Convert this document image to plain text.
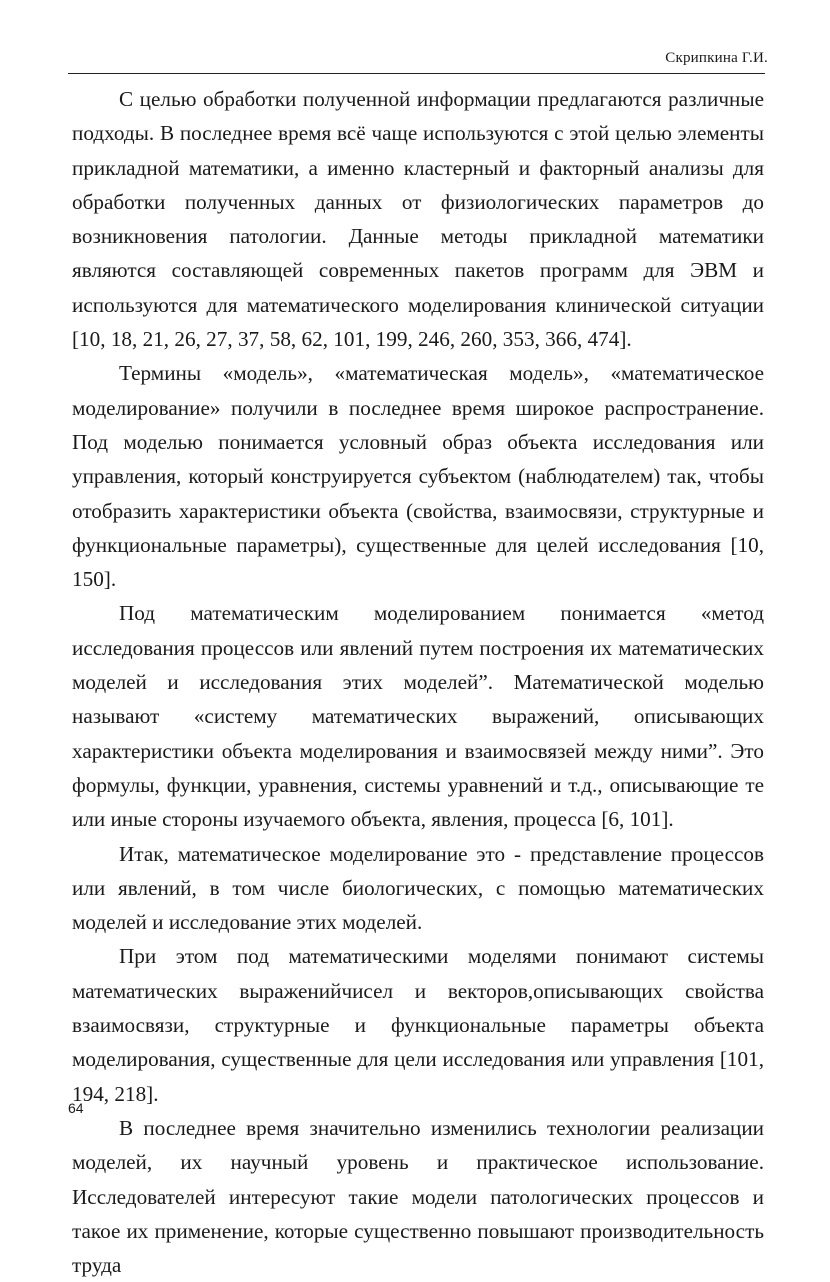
Скрипкина Г.И.

С целью обработки полученной информации предлагаются различные подходы. В последнее время всё чаще используются с этой целью элементы прикладной математики, а именно кластерный и факторный анализы для обработки полученных данных от физиологических параметров до возникновения патологии. Данные методы прикладной математики являются составляющей современных пакетов программ для ЭВМ и используются для математического моделирования клинической ситуации [10, 18, 21, 26, 27, 37, 58, 62, 101, 199, 246, 260, 353, 366, 474].

Термины «модель», «математическая модель», «математическое моделирование» получили в последнее время широкое распространение. Под моделью понимается условный образ объекта исследования или управления, который конструируется субъектом (наблюдателем) так, чтобы отобразить характеристики объекта (свойства, взаимосвязи, структурные и функциональные параметры), существенные для целей исследования [10, 150].

Под математическим моделированием понимается «метод исследования процессов или явлений путем построения их математических моделей и исследования этих моделей”. Математической моделью называют «систему математических выражений, описывающих характеристики объекта моделирования и взаимосвязей между ними”. Это формулы, функции, уравнения, системы уравнений и т.д., описывающие те или иные стороны изучаемого объекта, явления, процесса [6, 101].

Итак, математическое моделирование это - представление процессов или явлений, в том числе биологических, с помощью математических моделей и исследование этих моделей.

При этом под математическими моделями понимают системы математических выраженийчисел и векторов,описывающих свойства взаимосвязи, структурные и функциональные параметры объекта моделирования, существенные для цели исследования или управления [101, 194, 218].

В последнее время значительно изменились технологии реализации моделей, их научный уровень и практическое использование. Исследователей интересуют такие модели патологических процессов и такое их применение, которые существенно повышают производительность труда

64
